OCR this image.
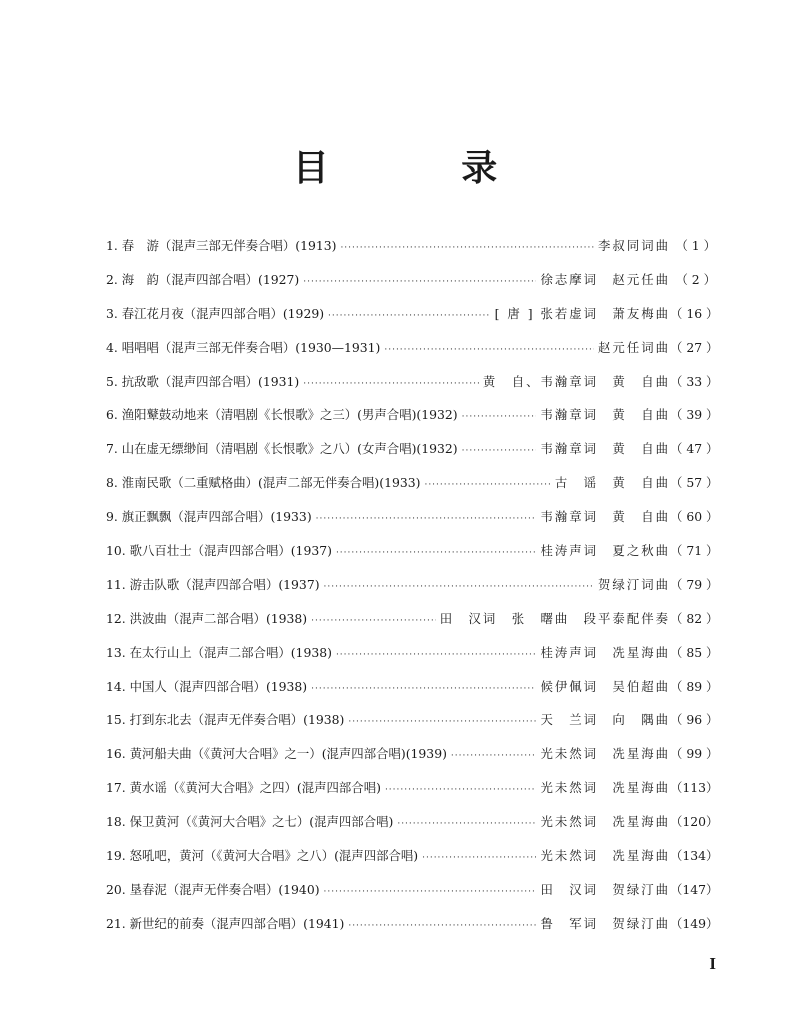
目 录
1. 春　游（混声三部无伴奏合唱）(1913) ·····	李叔同词曲 （ 1 ）
2. 海　韵（混声四部合唱）(1927) ·····	徐志摩词　赵元任曲 （ 2 ）
3. 春江花月夜（混声四部合唱）(1929) ·····	[ 唐 ] 张若虚词　萧友梅曲 （ 16 ）
4. 唱唱唱（混声三部无伴奏合唱）(1930—1931) ·····	赵元任词曲 （ 27 ）
5. 抗敌歌（混声四部合唱）(1931) ·····	黄　自、韦瀚章词　黄　自曲 （ 33 ）
6. 渔阳鼙鼓动地来（清唱剧《长恨歌》之三）(男声合唱)(1932) ·····	韦瀚章词　黄　自曲 （ 39 ）
7. 山在虚无缥缈间（清唱剧《长恨歌》之八）(女声合唱)(1932) ·····	韦瀚章词　黄　自曲 （ 47 ）
8. 淮南民歌（二重赋格曲）(混声二部无伴奏合唱)(1933) ·····	古　谣　黄　自曲 （ 57 ）
9. 旗正飘飘（混声四部合唱）(1933) ·····	韦瀚章词　黄　自曲 （ 60 ）
10. 歌八百壮士（混声四部合唱）(1937) ·····	桂涛声词　夏之秋曲 （ 71 ）
11. 游击队歌（混声四部合唱）(1937) ·····	贺绿汀词曲 （ 79 ）
12. 洪波曲（混声二部合唱）(1938) ·····	田　汉词　张　曙曲　段平泰配伴奏 （ 82 ）
13. 在太行山上（混声二部合唱）(1938) ·····	桂涛声词　冼星海曲 （ 85 ）
14. 中国人（混声四部合唱）(1938) ·····	候伊佩词　吴伯超曲 （ 89 ）
15. 打到东北去（混声无伴奏合唱）(1938) ·····	天　兰词　向　隅曲 （ 96 ）
16. 黄河船夫曲（《黄河大合唱》之一）(混声四部合唱)(1939) ·····	光未然词　冼星海曲 （ 99 ）
17. 黄水谣（《黄河大合唱》之四）(混声四部合唱) ·····	光未然词　冼星海曲 （113）
18. 保卫黄河（《黄河大合唱》之七）(混声四部合唱) ·····	光未然词　冼星海曲 （120）
19. 怒吼吧，黄河（《黄河大合唱》之八）(混声四部合唱) ·····	光未然词　冼星海曲 （134）
20. 垦春泥（混声无伴奏合唱）(1940) ·····	田　汉词　贺绿汀曲 （147）
21. 新世纪的前奏（混声四部合唱）(1941) ·····	鲁　军词　贺绿汀曲 （149）
I
